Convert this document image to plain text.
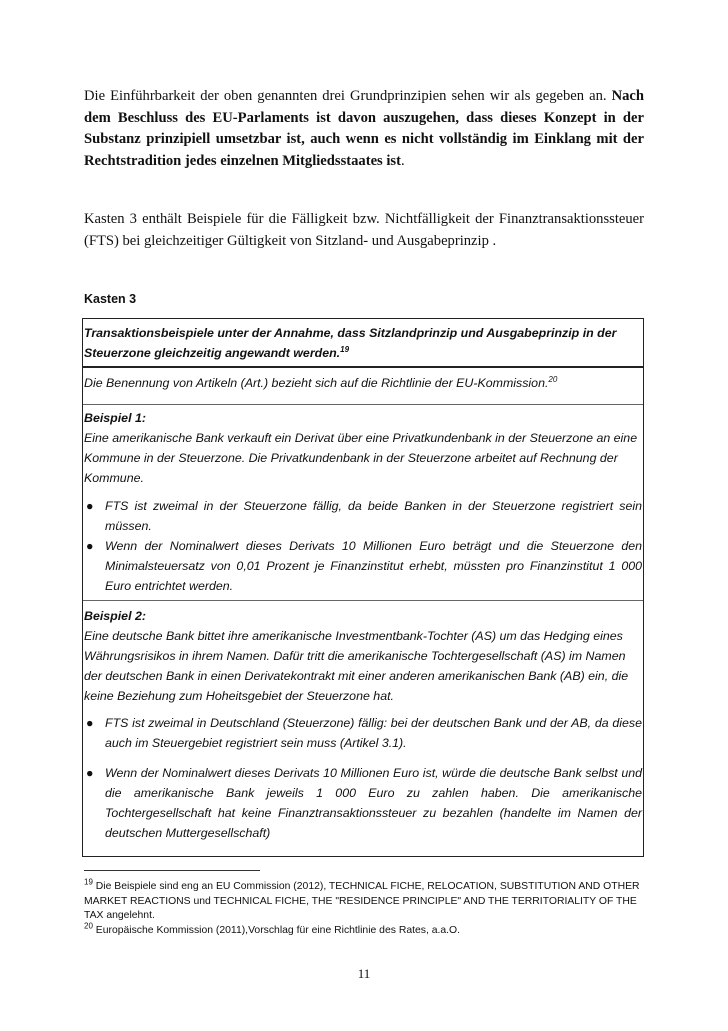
Die Einführbarkeit der oben genannten drei Grundprinzipien sehen wir als gegeben an. Nach dem Beschluss des EU-Parlaments ist davon auszugehen, dass dieses Konzept in der Substanz prinzipiell umsetzbar ist, auch wenn es nicht vollständig im Einklang mit der Rechtstradition jedes einzelnen Mitgliedsstaates ist.
Kasten 3 enthält Beispiele für die Fälligkeit bzw. Nichtfälligkeit der Finanztransaktionssteuer (FTS) bei gleichzeitiger Gültigkeit von Sitzland- und Ausgabeprinzip .
Kasten 3
Transaktionsbeispiele unter der Annahme, dass Sitzlandprinzip und Ausgabeprinzip in der Steuerzone gleichzeitig angewandt werden.$^{19}$
Die Benennung von Artikeln (Art.) bezieht sich auf die Richtlinie der EU-Kommission.$^{20}$
Beispiel 1:
Eine amerikanische Bank verkauft ein Derivat über eine Privatkundenbank in der Steuerzone an eine Kommune in der Steuerzone. Die Privatkundenbank in der Steuerzone arbeitet auf Rechnung der Kommune.
● FTS ist zweimal in der Steuerzone fällig, da beide Banken in der Steuerzone registriert sein müssen.
● Wenn der Nominalwert dieses Derivats 10 Millionen Euro beträgt und die Steuerzone den Minimalsteuersatz von 0,01 Prozent je Finanzinstitut erhebt, müssten pro Finanzinstitut 1 000 Euro entrichtet werden.
Beispiel 2:
Eine deutsche Bank bittet ihre amerikanische Investmentbank-Tochter (AS) um das Hedging eines Währungsrisikos in ihrem Namen. Dafür tritt die amerikanische Tochtergesellschaft (AS) im Namen der deutschen Bank in einen Derivatekontrakt mit einer anderen amerikanischen Bank (AB) ein, die keine Beziehung zum Hoheitsgebiet der Steuerzone hat.
● FTS ist zweimal in Deutschland (Steuerzone) fällig: bei der deutschen Bank und der AB, da diese auch im Steuergebiet registriert sein muss (Artikel 3.1).
● Wenn der Nominalwert dieses Derivats 10 Millionen Euro ist, würde die deutsche Bank selbst und die amerikanische Bank jeweils 1 000 Euro zu zahlen haben. Die amerikanische Tochtergesellschaft hat keine Finanztransaktionssteuer zu bezahlen (handelte im Namen der deutschen Muttergesellschaft)
$^{19}$ Die Beispiele sind eng an EU Commission (2012), TECHNICAL FICHE, RELOCATION, SUBSTITUTION AND OTHER MARKET REACTIONS und TECHNICAL FICHE, THE "RESIDENCE PRINCIPLE" AND THE TERRITORIALITY OF THE TAX angelehnt.
$^{20}$ Europäische Kommission (2011),Vorschlag für eine Richtlinie des Rates, a.a.O.
11
